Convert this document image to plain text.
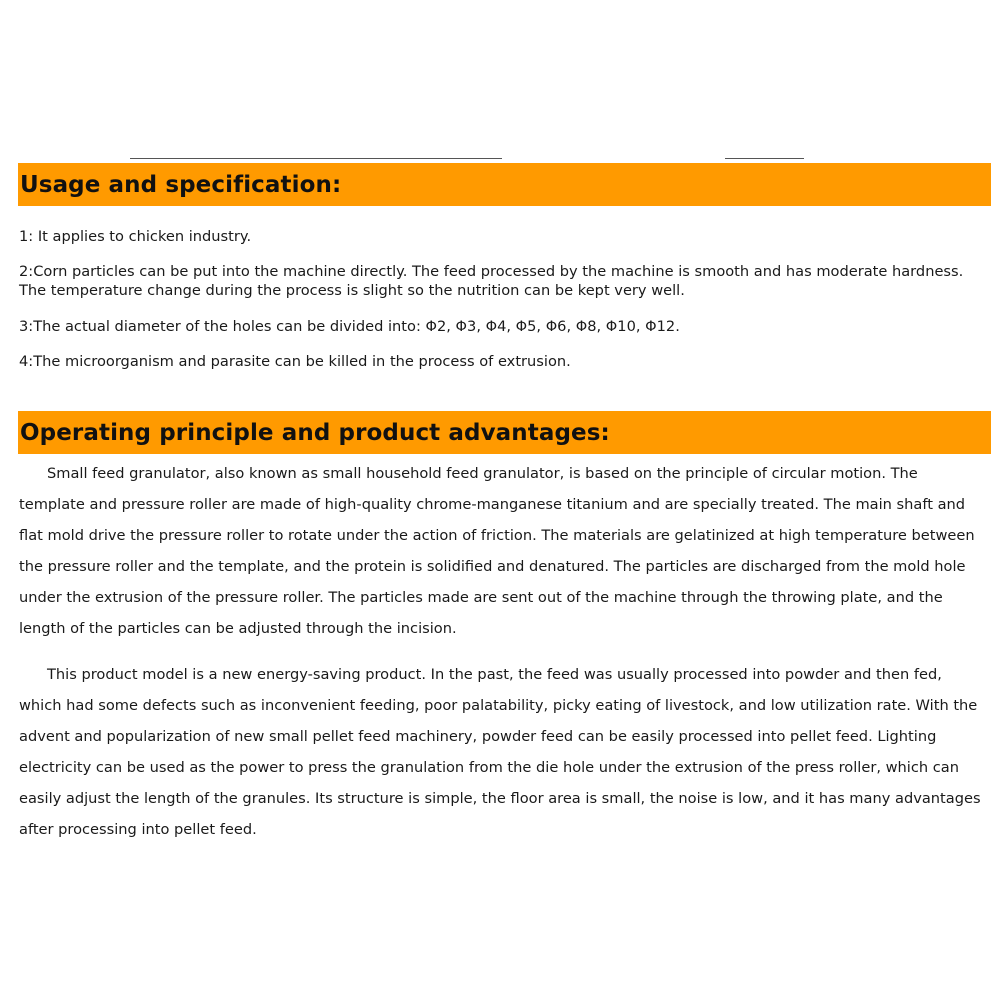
Usage and specification:

1: It applies to chicken industry.

2:Corn particles can be put into the machine directly. The feed processed by the machine is smooth and has moderate hardness. The temperature change during the process is slight so the nutrition can be kept very well.

3:The actual diameter of the holes can be divided into: Φ2, Φ3, Φ4, Φ5, Φ6, Φ8, Φ10, Φ12.

4:The microorganism and parasite can be killed in the process of extrusion.

Operating principle and product advantages:

Small feed granulator, also known as small household feed granulator, is based on the principle of circular motion. The template and pressure roller are made of high-quality chrome-manganese titanium and are specially treated. The main shaft and flat mold drive the pressure roller to rotate under the action of friction. The materials are gelatinized at high temperature between the pressure roller and the template, and the protein is solidified and denatured. The particles are discharged from the mold hole under the extrusion of the pressure roller. The particles made are sent out of the machine through the throwing plate, and the length of the particles can be adjusted through the incision.

This product model is a new energy-saving product. In the past, the feed was usually processed into powder and then fed, which had some defects such as inconvenient feeding, poor palatability, picky eating of livestock, and low utilization rate. With the advent and popularization of new small pellet feed machinery, powder feed can be easily processed into pellet feed. Lighting electricity can be used as the power to press the granulation from the die hole under the extrusion of the press roller, which can easily adjust the length of the granules. Its structure is simple, the floor area is small, the noise is low, and it has many advantages after processing into pellet feed.
